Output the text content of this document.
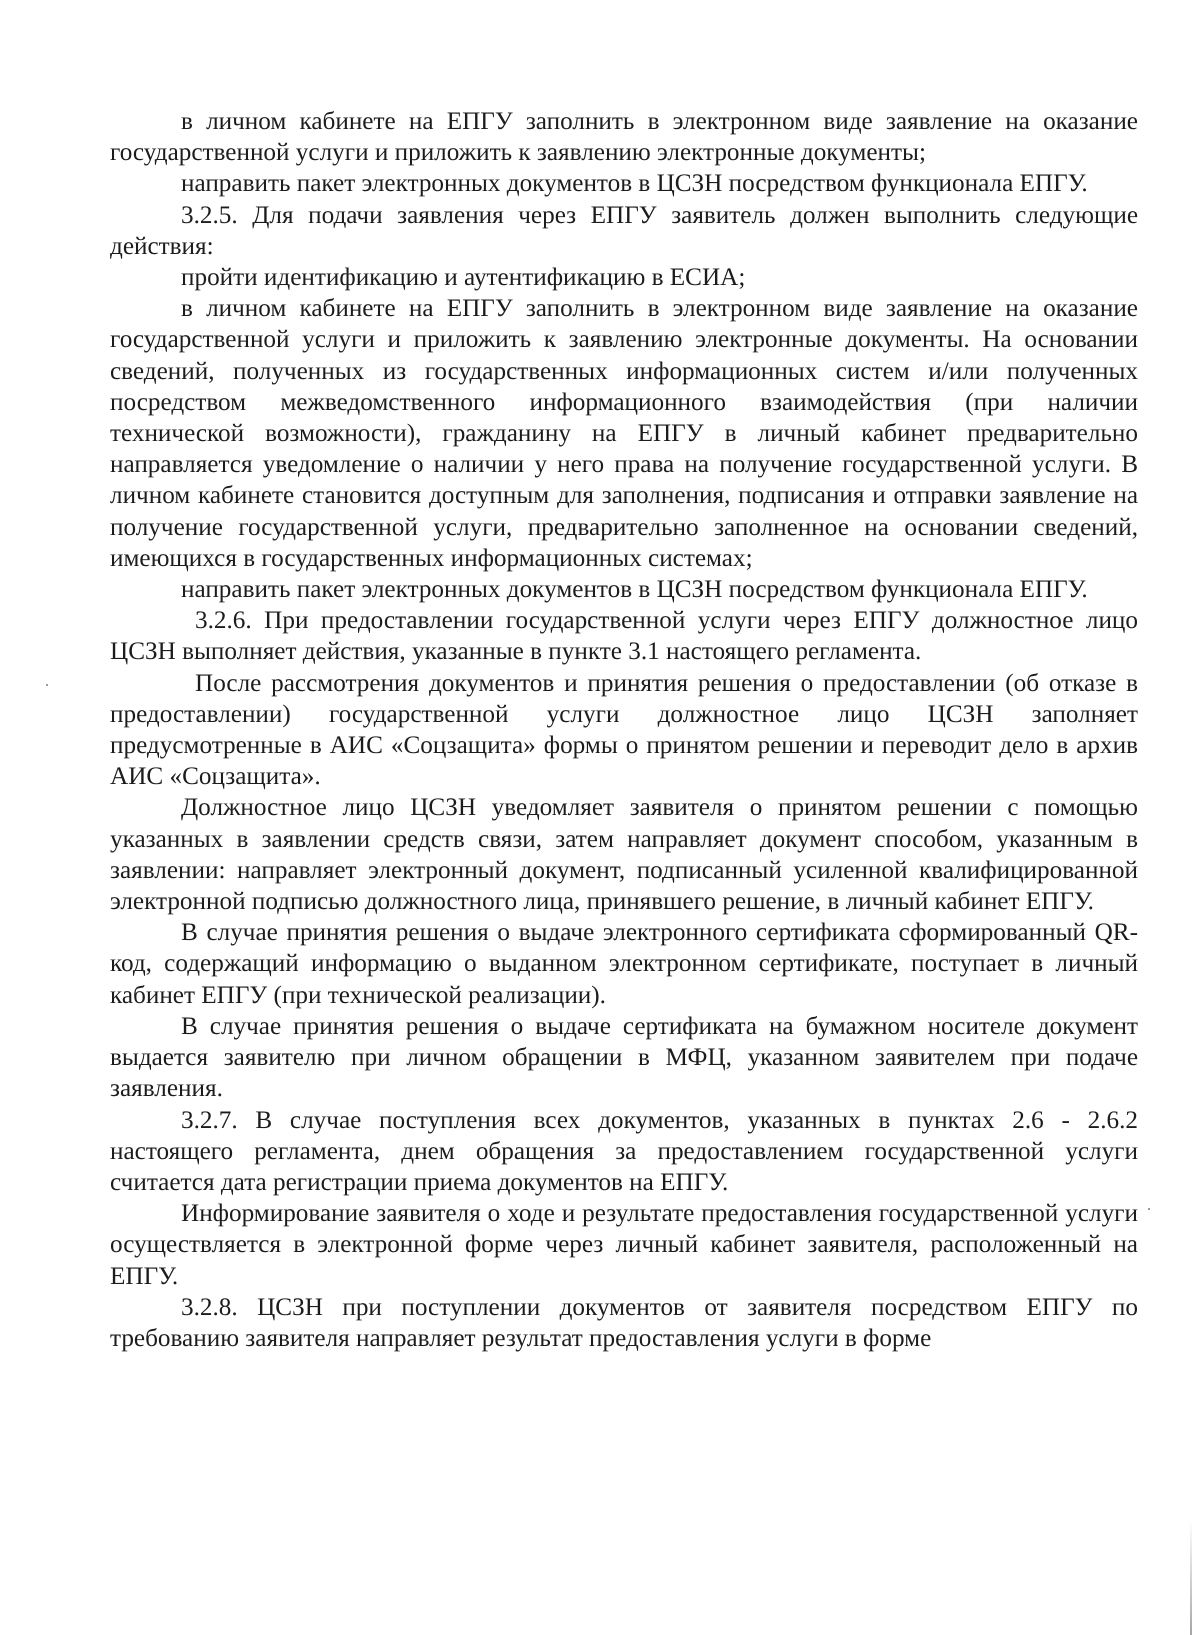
в личном кабинете на ЕПГУ заполнить в электронном виде заявление на оказание государственной услуги и приложить к заявлению электронные документы;

направить пакет электронных документов в ЦСЗН посредством функционала ЕПГУ.

3.2.5. Для подачи заявления через ЕПГУ заявитель должен выполнить следующие действия:

пройти идентификацию и аутентификацию в ЕСИА;

в личном кабинете на ЕПГУ заполнить в электронном виде заявление на оказание государственной услуги и приложить к заявлению электронные документы. На основании сведений, полученных из государственных информационных систем и/или полученных посредством межведомственного информационного взаимодействия (при наличии технической возможности), гражданину на ЕПГУ в личный кабинет предварительно направляется уведомление о наличии у него права на получение государственной услуги. В личном кабинете становится доступным для заполнения, подписания и отправки заявление на получение государственной услуги, предварительно заполненное на основании сведений, имеющихся в государственных информационных системах;

направить пакет электронных документов в ЦСЗН посредством функционала ЕПГУ.

3.2.6. При предоставлении государственной услуги через ЕПГУ должностное лицо ЦСЗН выполняет действия, указанные в пункте 3.1 настоящего регламента.

После рассмотрения документов и принятия решения о предоставлении (об отказе в предоставлении) государственной услуги должностное лицо ЦСЗН заполняет предусмотренные в АИС «Соцзащита» формы о принятом решении и переводит дело в архив АИС «Соцзащита».

Должностное лицо ЦСЗН уведомляет заявителя о принятом решении с помощью указанных в заявлении средств связи, затем направляет документ способом, указанным в заявлении: направляет электронный документ, подписанный усиленной квалифицированной электронной подписью должностного лица, принявшего решение, в личный кабинет ЕПГУ.

В случае принятия решения о выдаче электронного сертификата сформированный QR-код, содержащий информацию о выданном электронном сертификате, поступает в личный кабинет ЕПГУ (при технической реализации).

В случае принятия решения о выдаче сертификата на бумажном носителе документ выдается заявителю при личном обращении в МФЦ, указанном заявителем при подаче заявления.

3.2.7. В случае поступления всех документов, указанных в пунктах 2.6 - 2.6.2 настоящего регламента, днем обращения за предоставлением государственной услуги считается дата регистрации приема документов на ЕПГУ.

Информирование заявителя о ходе и результате предоставления государственной услуги осуществляется в электронной форме через личный кабинет заявителя, расположенный на ЕПГУ.

3.2.8. ЦСЗН при поступлении документов от заявителя посредством ЕПГУ по требованию заявителя направляет результат предоставления услуги в форме
